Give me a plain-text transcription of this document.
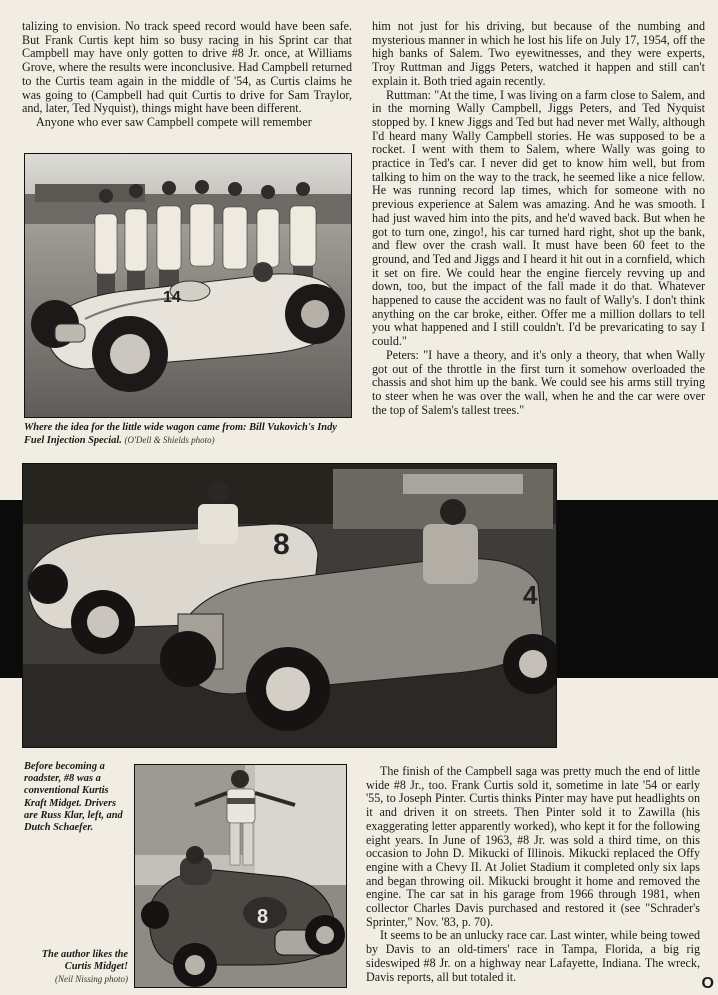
talizing to envision. No track speed record would have been safe. But Frank Curtis kept him so busy racing in his Sprint car that Campbell may have only gotten to drive #8 Jr. once, at Williams Grove, where the results were inconclusive. Had Campbell returned to the Curtis team again in the middle of '54, as Curtis claims he was going to (Campbell had quit Curtis to drive for Sam Traylor, and, later, Ted Nyquist), things might have been different.

Anyone who ever saw Campbell compete will remember

him not just for his driving, but because of the numbing and mysterious manner in which he lost his life on July 17, 1954, off the high banks of Salem. Two eyewitnesses, and they were experts, Troy Ruttman and Jiggs Peters, watched it happen and still can't explain it. Both tried again recently.

Ruttman: "At the time, I was living on a farm close to Salem, and in the morning Wally Campbell, Jiggs Peters, and Ted Nyquist stopped by. I knew Jiggs and Ted but had never met Wally, although I'd heard many Wally Campbell stories. He was supposed to be a rocket. I went with them to Salem, where Wally was going to practice in Ted's car. I never did get to know him well, but from talking to him on the way to the track, he seemed like a nice fellow. He was running record lap times, which for someone with no previous experience at Salem was amazing. And he was smooth. I had just waved him into the pits, and he'd waved back. But when he got to turn one, zingo!, his car turned hard right, shot up the bank, and flew over the crash wall. It must have been 60 feet to the ground, and Ted and Jiggs and I heard it hit out in a cornfield, which it set on fire. We could hear the engine fiercely revving up and down, too, but the impact of the fall made it do that. Whatever happened to cause the accident was no fault of Wally's. I don't think anything on the car broke, either. Offer me a million dollars to tell you what happened and I still couldn't. I'd be prevaricating to say I could."

Peters: "I have a theory, and it's only a theory, that when Wally got out of the throttle in the first turn it somehow overloaded the chassis and shot him up the bank. We could see his arms still trying to steer when he was over the wall, when he and the car were over the top of Salem's tallest trees."

14
Where the idea for the little wide wagon came from: Bill Vukovich's Indy Fuel Injection Special. (O'Dell & Shields photo)
8
4
Before becoming a roadster, #8 was a conventional Kurtis Kraft Midget. Drivers are Russ Klar, left, and Dutch Schaefer.
8
The author likes the Curtis Midget!
(Neil Nissing photo)

The finish of the Campbell saga was pretty much the end of little wide #8 Jr., too. Frank Curtis sold it, sometime in late '54 or early '55, to Joseph Pinter. Curtis thinks Pinter may have put headlights on it and driven it on streets. Then Pinter sold it to Zawilla (his exaggerating letter apparently worked), who kept it for the following eight years. In June of 1963, #8 Jr. was sold a third time, on this occasion to John D. Mikucki of Illinois. Mikucki replaced the Offy engine with a Chevy II. At Joliet Stadium it completed only six laps and began throwing oil. Mikucki brought it home and removed the engine. The car sat in his garage from 1966 through 1981, when collector Charles Davis purchased and restored it (see "Schrader's Sprinter," Nov. '83, p. 70).

It seems to be an unlucky race car. Last winter, while being towed by Davis to an old-timers' race in Tampa, Florida, a big rig sideswiped #8 Jr. on a highway near Lafayette, Indiana. The wreck, Davis reports, all but totaled it.	O
